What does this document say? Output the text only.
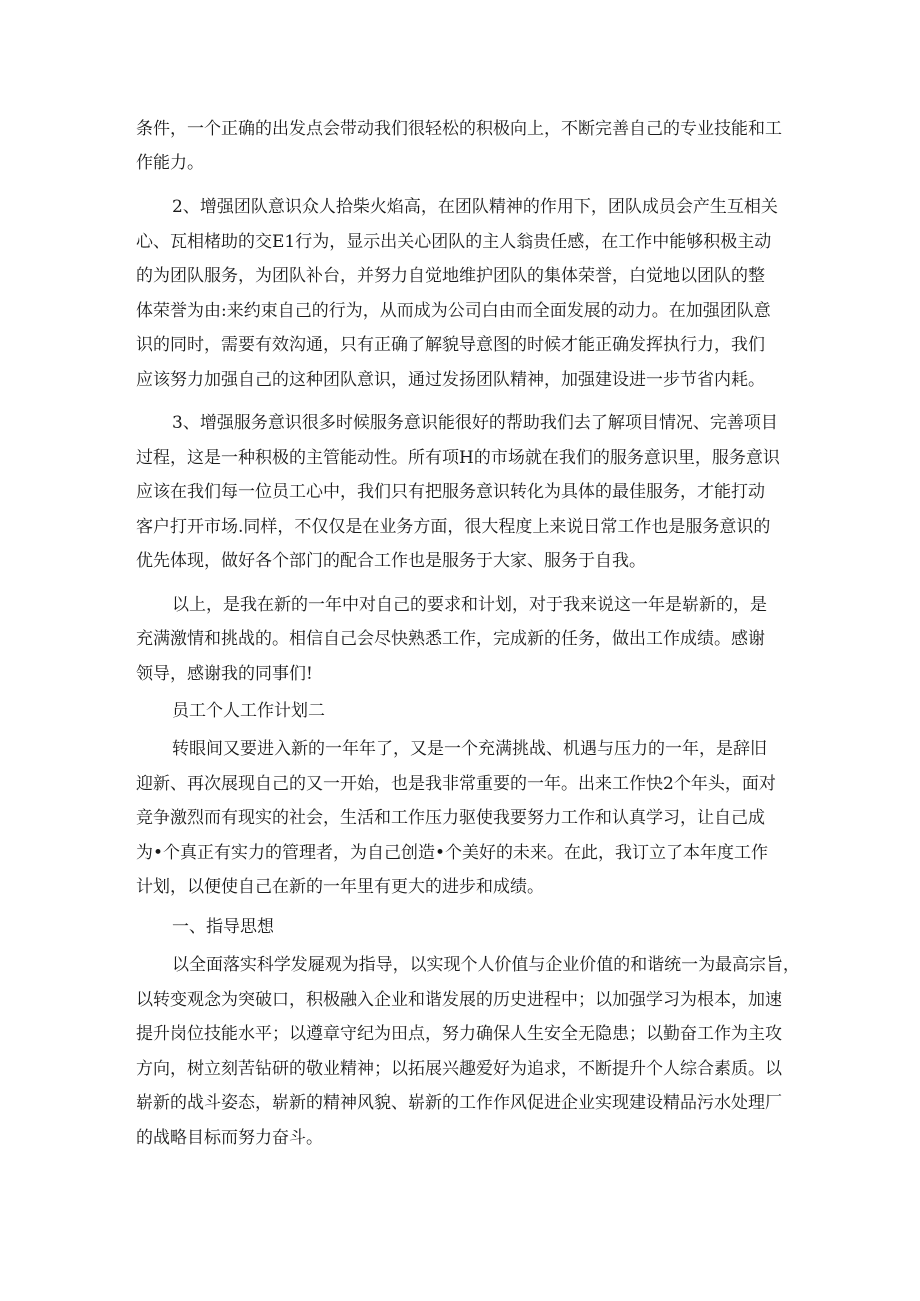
条件，一个正确的出发点会带动我们很轻松的积极向上，不断完善自己的专业技能和工
作能力。
2、增强团队意识众人拾柴火焰高，在团队精神的作用下，团队成员会产生互相关
心、瓦相楮助的交E1行为，显示出关心团队的主人翁贵任感，在工作中能够积极主动
的为团队服务，为团队补台，并努力自觉地维护团队的集体荣誉，白觉地以团队的整
体荣誉为由:来约束自己的行为，从而成为公司白由而全面发展的动力。在加强团队意
识的同时，需要有效沟通，只有正确了解貌导意图的时候才能正确发挥执行力，我们
应该努力加强自己的这种团队意识，通过发扬团队精神，加强建设进一步节省内耗。
3、增强服务意识很多时候服务意识能很好的帮助我们去了解项目情况、完善项目
过程，这是一种积极的主管能动性。所有项H的市场就在我们的服务意识里，服务意识
应该在我们每一位员工心中，我们只有把服务意识转化为具体的最佳服务，才能打动
客户打开市场.同样，不仅仅是在业务方面，很大程度上来说日常工作也是服务意识的
优先体现，做好各个部门的配合工作也是服务于大家、服务于自我。
以上，是我在新的一年中对自己的要求和计划，对于我来说这一年是崭新的，是
充满激情和挑战的。相信自己会尽快熟悉工作，完成新的任务，做出工作成绩。感谢
领导，感谢我的同事们!
员工个人工作计划二
转眼间又要进入新的一年年了，又是一个充满挑战、机遇与压力的一年，是辞旧
迎新、再次展现自己的又一开始，也是我非常重要的一年。出来工作快2个年头，面对
竞争激烈而有现实的社会，生活和工作压力驱使我要努力工作和认真学习，让自己成
为•个真正有实力的管理者，为自己创造•个美好的未来。在此，我订立了本年度工作
计划，以便使自己在新的一年里有更大的进步和成绩。
一、指导思想
以全面落实科学发屣观为指导，以实现个人价值与企业价值的和谐统一为最高宗旨，
以转变观念为突破口，积极融入企业和谐发展的历史进程中；以加强学习为根本，加速
提升岗位技能水平；以遵章守纪为田点，努力确保人生安全无隐患；以勤奋工作为主攻
方向，树立刻苦钻研的敬业精神；以拓展兴趣爱好为追求，不断提升个人综合素质。以
崭新的战斗姿态，崭新的精神风貌、崭新的工作作风促进企业实现建设精品污水处理厂
的战略目标而努力奋斗。
